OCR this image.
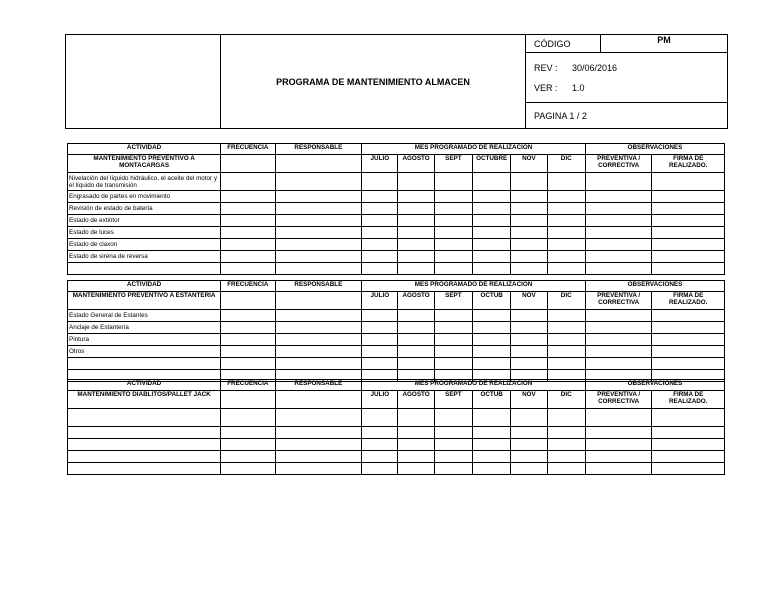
	PROGRAMA DE MANTENIMIENTO ALMACEN	CÓDIGO	PM

REV : 30/06/2016
VER : 1.0

PAGINA 1 / 2
ACTIVIDAD	FRECUENCIA	RESPONSABLE	MES PROGRAMADO DE REALIZACIÓN						OBSERVACIONES	
MANTENIMIENTO PREVENTIVO A MONTACARGAS			JULIO	AGOSTO	SEPT	OCTUBRE	NOV	DIC	PREVENTIVA / CORRECTIVA	FIRMA DE REALIZADO.
Nivelación del líquido hidráulico, el aceite del motor y el líquido de transmisión										
Engrasado de partes en movimiento										
Revisión de estado de batería										
Estado de extintor										
Estado de luces										
Estado de claxon										
Estado de sirena de reversa										

ACTIVIDAD	FRECUENCIA	RESPONSABLE	MES PROGRAMADO DE REALIZACIÓN						OBSERVACIONES	
MANTENIMIENTO PREVENTIVO A ESTANTERIA			JULIO	AGOSTO	SEPT	OCTUB	NOV	DIC	PREVENTIVA / CORRECTIVA	FIRMA DE REALIZADO.
Estado General de Estantes										
Anclaje de Estantería										
Pintura										
Otros										

ACTIVIDAD	FRECUENCIA	RESPONSABLE	MES PROGRAMADO DE REALIZACIÓN						OBSERVACIONES	
MANTENIMIENTO DIABLITOS/PALLET JACK			JULIO	AGOSTO	SEPT	OCTUB	NOV	DIC	PREVENTIVA / CORRECTIVA	FIRMA DE REALIZADO.
